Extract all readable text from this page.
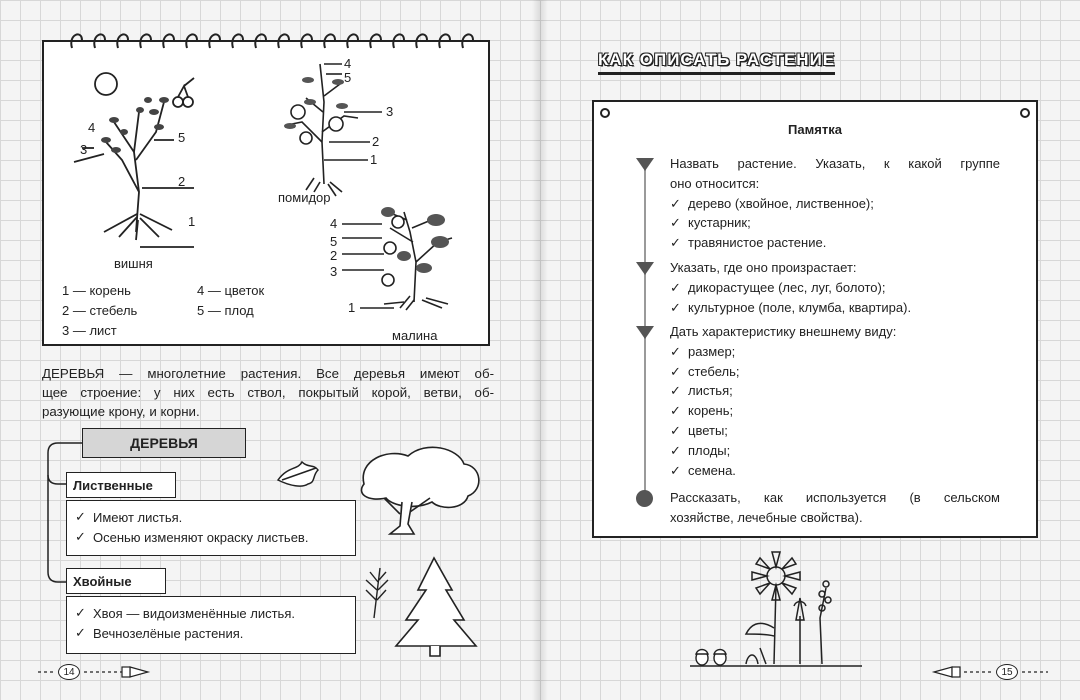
4
3
5
2
1
вишня
4
5
3
2
1
помидор
4
5
2
3
1
малина
1 — корень	4 — цветок
2 — стебель	5 — плод
3 — лист
ДЕРЕВЬЯ — многолетние растения. Все деревья имеют об-
щее строение: у них есть ствол, покрытый корой, ветви, об-
разующие крону, и корни.
ДЕРЕВЬЯ
Лиственные
✓ Имеют листья.
✓ Осенью изменяют окраску листьев.
Хвойные
✓ Хвоя — видоизменённые листья.
✓ Вечнозелёные растения.
14
КАК ОПИСАТЬ РАСТЕНИЕ
Памятка
Назвать растение. Указать, к какой группе
оно относится:
✓ дерево (хвойное, лиственное);
✓ кустарник;
✓ травянистое растение.
Указать, где оно произрастает:
✓ дикорастущее (лес, луг, болото);
✓ культурное (поле, клумба, квартира).
Дать характеристику внешнему виду:
✓ размер;
✓ стебель;
✓ листья;
✓ корень;
✓ цветы;
✓ плоды;
✓ семена.
Рассказать, как используется (в сельском
хозяйстве, лечебные свойства).
15
